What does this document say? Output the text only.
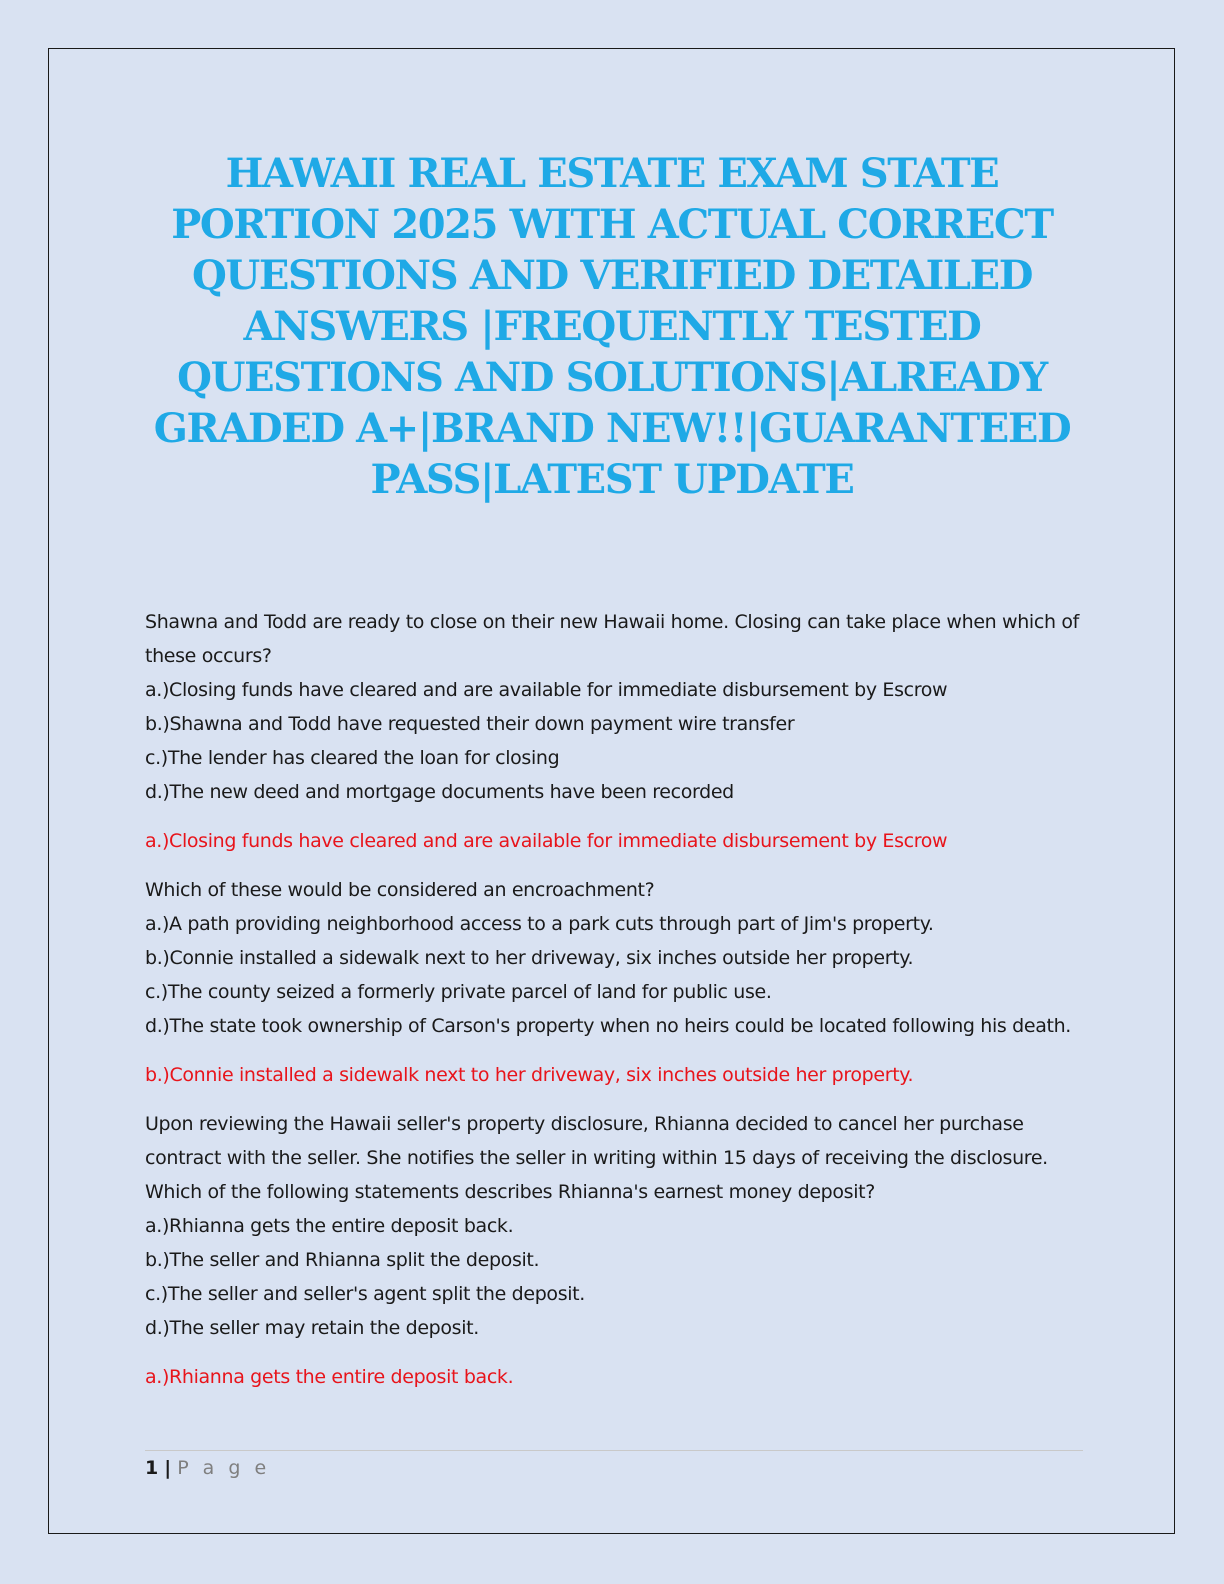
HAWAII REAL ESTATE EXAM STATE PORTION 2025 WITH ACTUAL CORRECT QUESTIONS AND VERIFIED DETAILED ANSWERS |FREQUENTLY TESTED QUESTIONS AND SOLUTIONS|ALREADY GRADED A+|BRAND NEW!!|GUARANTEED PASS|LATEST UPDATE

Shawna and Todd are ready to close on their new Hawaii home. Closing can take place when which of these occurs?

a.)Closing funds have cleared and are available for immediate disbursement by Escrow

b.)Shawna and Todd have requested their down payment wire transfer

c.)The lender has cleared the loan for closing

d.)The new deed and mortgage documents have been recorded

a.)Closing funds have cleared and are available for immediate disbursement by Escrow

Which of these would be considered an encroachment?

a.)A path providing neighborhood access to a park cuts through part of Jim's property.

b.)Connie installed a sidewalk next to her driveway, six inches outside her property.

c.)The county seized a formerly private parcel of land for public use.

d.)The state took ownership of Carson's property when no heirs could be located following his death.

b.)Connie installed a sidewalk next to her driveway, six inches outside her property.

Upon reviewing the Hawaii seller's property disclosure, Rhianna decided to cancel her purchase contract with the seller. She notifies the seller in writing within 15 days of receiving the disclosure. Which of the following statements describes Rhianna's earnest money deposit?

a.)Rhianna gets the entire deposit back.

b.)The seller and Rhianna split the deposit.

c.)The seller and seller's agent split the deposit.

d.)The seller may retain the deposit.

a.)Rhianna gets the entire deposit back.

1 | P a g e
